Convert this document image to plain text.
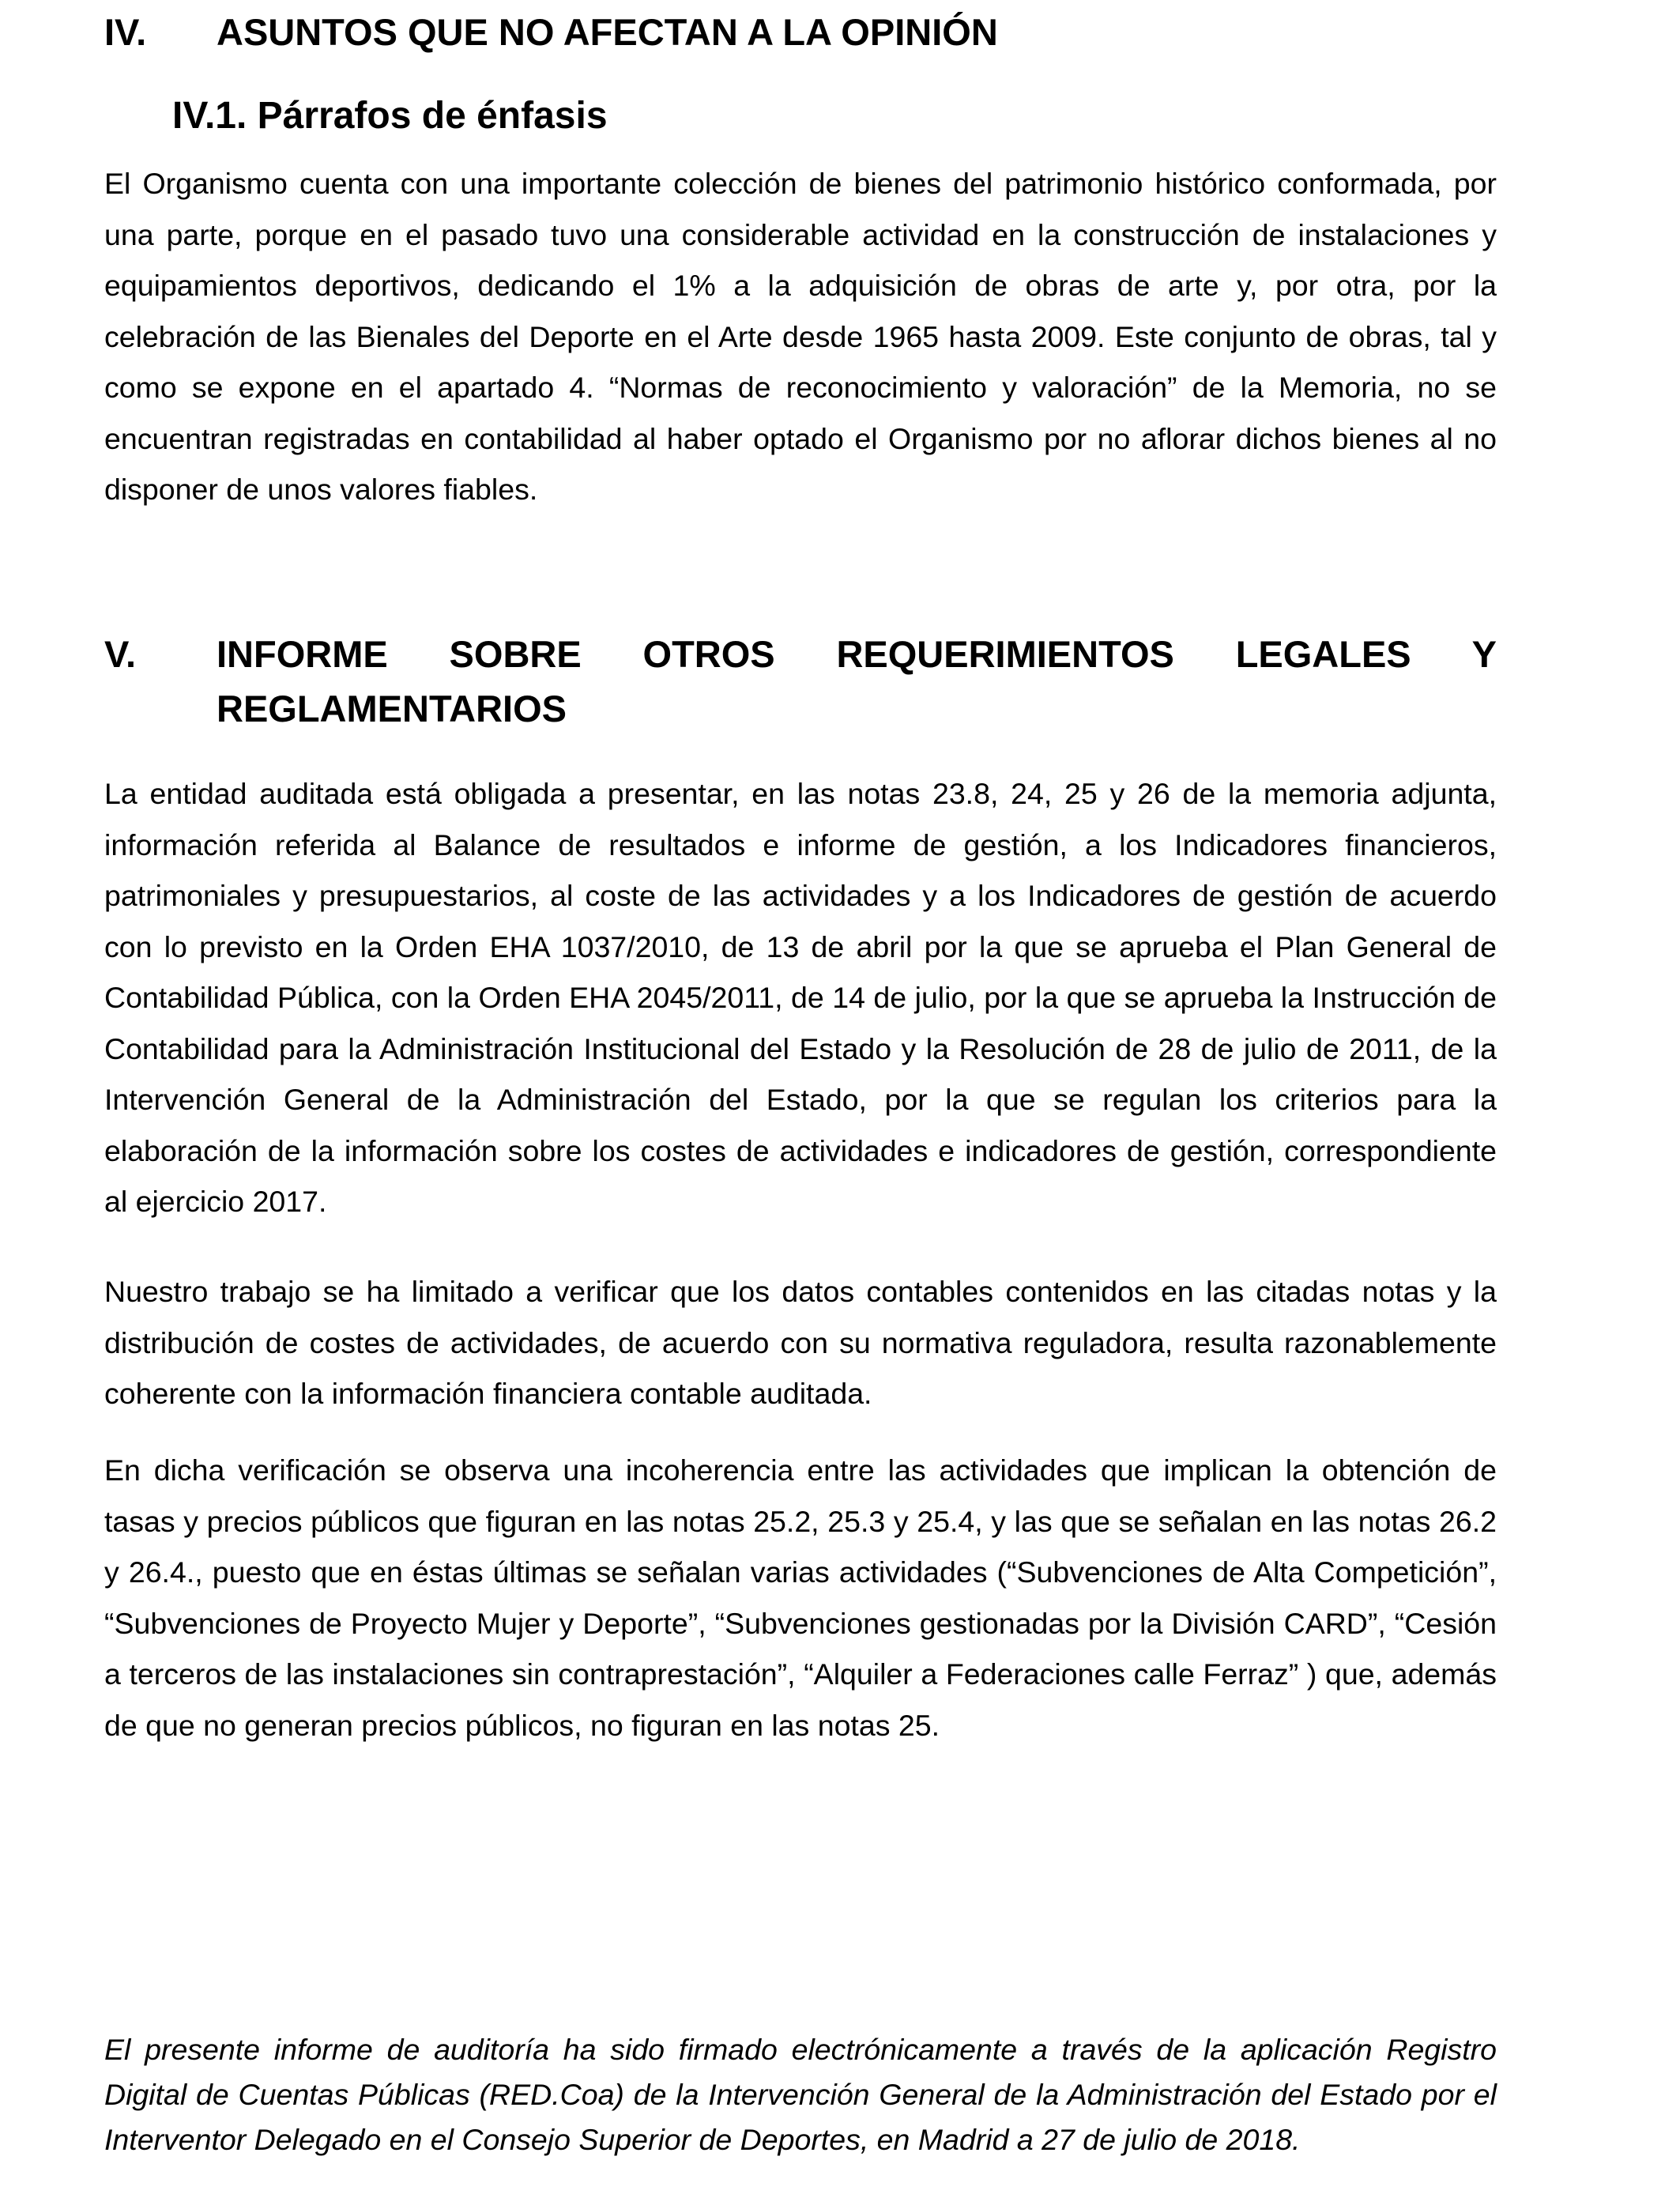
IV.	ASUNTOS QUE NO AFECTAN A LA OPINIÓN
IV.1. Párrafos de énfasis

El Organismo cuenta con una importante colección de bienes del patrimonio histórico conformada, por una parte, porque en el pasado tuvo una considerable actividad en la construcción de instalaciones y equipamientos deportivos, dedicando el 1% a la adquisición de obras de arte y, por otra, por la celebración de las Bienales del Deporte en el Arte desde 1965 hasta 2009. Este conjunto de obras, tal y como se expone en el apartado 4. “Normas de reconocimiento y valoración” de la Memoria, no se encuentran registradas en contabilidad al haber optado el Organismo por no aflorar dichos bienes al no disponer de unos valores fiables.

V.	INFORME SOBRE OTROS REQUERIMIENTOS LEGALES Y
REGLAMENTARIOS

La entidad auditada está obligada a presentar, en las notas 23.8, 24, 25 y 26 de la memoria adjunta, información referida al Balance de resultados e informe de gestión, a los Indicadores financieros, patrimoniales y presupuestarios, al coste de las actividades y a los Indicadores de gestión de acuerdo con lo previsto en la Orden EHA 1037/2010, de 13 de abril por la que se aprueba el Plan General de Contabilidad Pública, con la Orden EHA 2045/2011, de 14 de julio, por la que se aprueba la Instrucción de Contabilidad para la Administración Institucional del Estado y la Resolución de 28 de julio de 2011, de la Intervención General de la Administración del Estado, por la que se regulan los criterios para la elaboración de la información sobre los costes de actividades e indicadores de gestión, correspondiente al ejercicio 2017.

Nuestro trabajo se ha limitado a verificar que los datos contables contenidos en las citadas notas y la distribución de costes de actividades, de acuerdo con su normativa reguladora, resulta razonablemente coherente con la información financiera contable auditada.

En dicha verificación se observa una incoherencia entre las actividades que implican la obtención de tasas y precios públicos que figuran en las notas 25.2, 25.3 y 25.4, y las que se señalan en las notas 26.2 y 26.4., puesto que en éstas últimas se señalan varias actividades (“Subvenciones de Alta Competición”, “Subvenciones de Proyecto Mujer y Deporte”, “Subvenciones gestionadas por la División CARD”, “Cesión a terceros de las instalaciones sin contraprestación”, “Alquiler a Federaciones calle Ferraz” ) que, además de que no generan precios públicos, no figuran en las notas 25.

El presente informe de auditoría ha sido firmado electrónicamente a través de la aplicación Registro Digital de Cuentas Públicas (RED.Coa) de la Intervención General de la Administración del Estado por el Interventor Delegado en el Consejo Superior de Deportes, en Madrid a 27 de julio de 2018.
